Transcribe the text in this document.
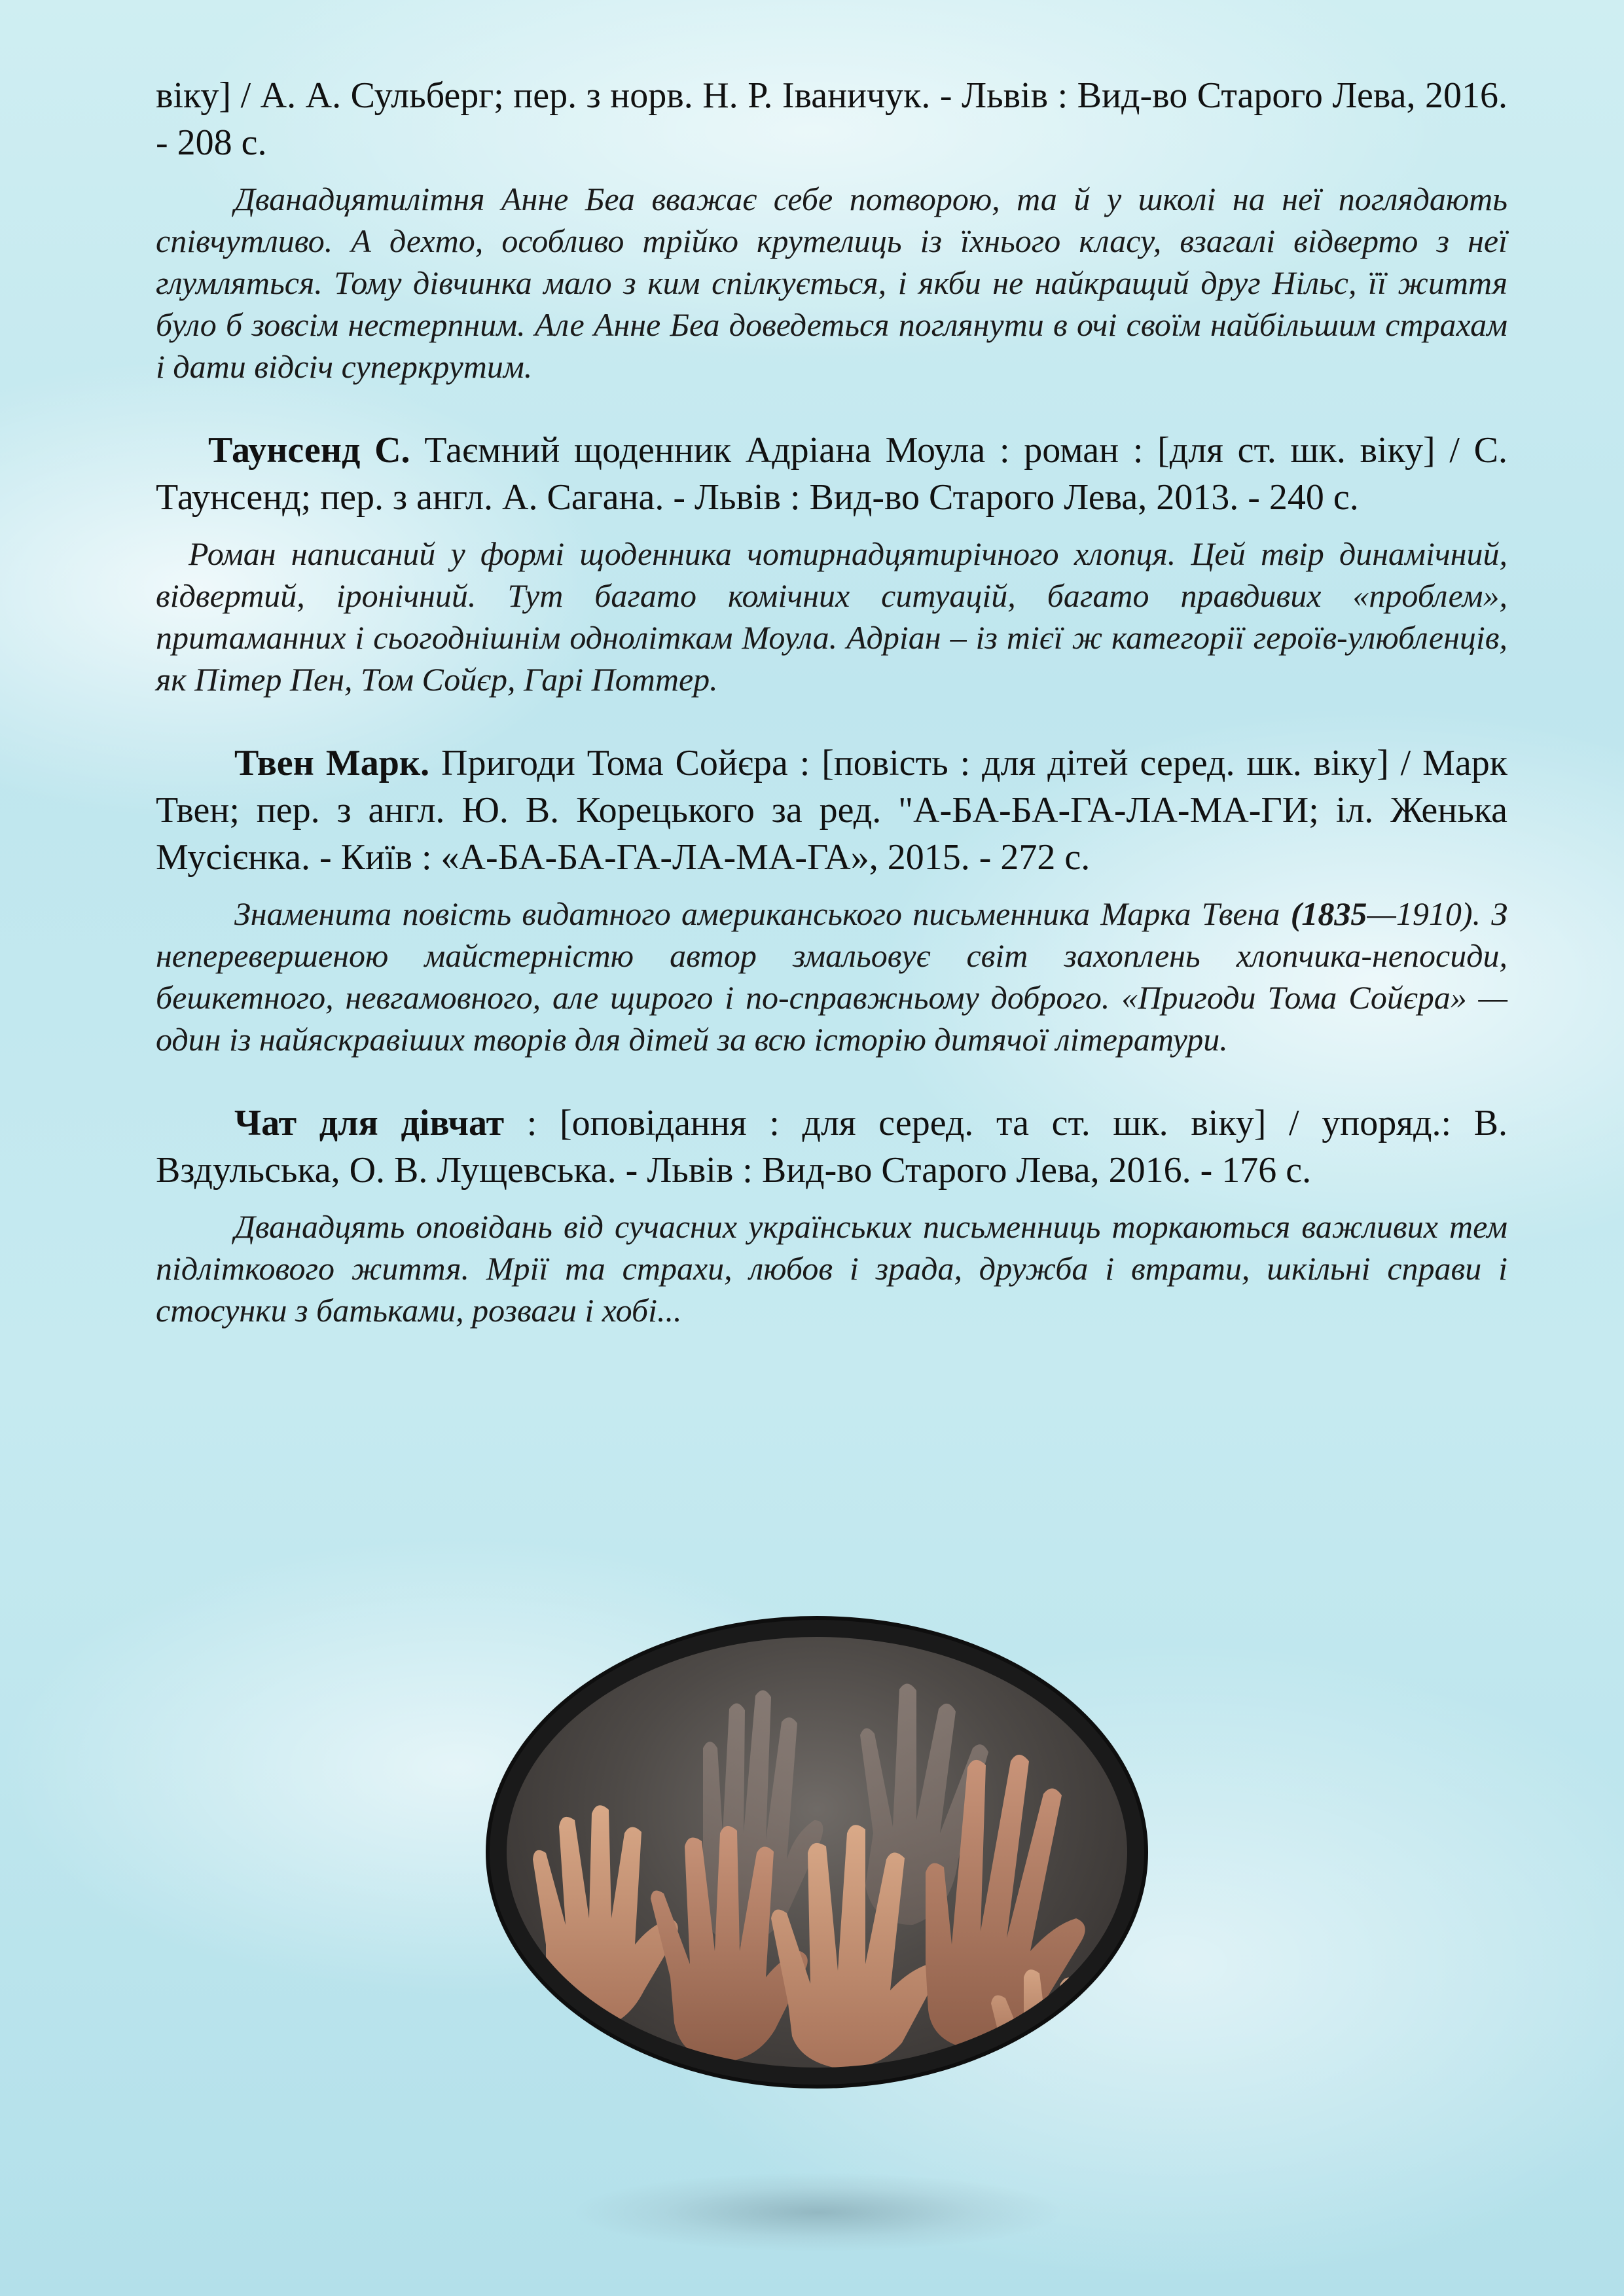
віку] / А. А. Сульберг; пер. з норв. Н. Р. Іваничук. - Львів : Вид-во Старого Лева, 2016. - 208 с.

Дванадцятилітня Анне Беа вважає себе потворою, та й у школі на неї поглядають співчутливо. А дехто, особливо трійко крутелиць із їхнього класу, взагалі відверто з неї глумляться. Тому дівчинка мало з ким спілкується, і якби не найкращий друг Нільс, її життя було б зовсім нестерпним. Але Анне Беа доведеться поглянути в очі своїм найбільшим страхам і дати відсіч суперкрутим.

Таунсенд С. Таємний щоденник Адріана Моула : роман : [для ст. шк. віку] / С. Таунсенд; пер. з англ. А. Сагана. - Львів : Вид-во Старого Лева, 2013. - 240 с.

Роман написаний у формі щоденника чотирнадцятирічного хлопця. Цей твір динамічний, відвертий, іронічний. Тут багато комічних ситуацій, багато правдивих «проблем», притаманних і сьогоднішнім одноліткам Моула. Адріан – із тієї ж категорії героїв-улюбленців, як Пітер Пен, Том Сойєр, Гарі Поттер.

Твен Марк. Пригоди Тома Сойєра : [повість : для дітей серед. шк. віку] / Марк Твен; пер. з англ. Ю. В. Корецького за ред. "А-БА-БА-ГА-ЛА-МА-ГИ; іл. Женька Мусієнка. - Київ : «А-БА-БА-ГА-ЛА-МА-ГА», 2015. - 272 с.

Знаменита повість видатного американського письменника Марка Твена (1835—1910). З неперевершеною майстерністю автор змальовує світ захоплень хлопчика-непосиди, бешкетного, невгамовного, але щирого і по-справжньому доброго. «Пригоди Тома Сойєра» — один із найяскравіших творів для дітей за всю історію дитячої літератури.

Чат для дівчат : [оповідання : для серед. та ст. шк. віку] / упоряд.: В. Вздульська, О. В. Лущевська. - Львів : Вид-во Старого Лева, 2016. - 176 с.

Дванадцять оповідань від сучасних українських письменниць торкаються важливих тем підліткового життя. Мрії та страхи, любов і зрада, дружба і втрати, шкільні справи і стосунки з батьками, розваги і хобі...
